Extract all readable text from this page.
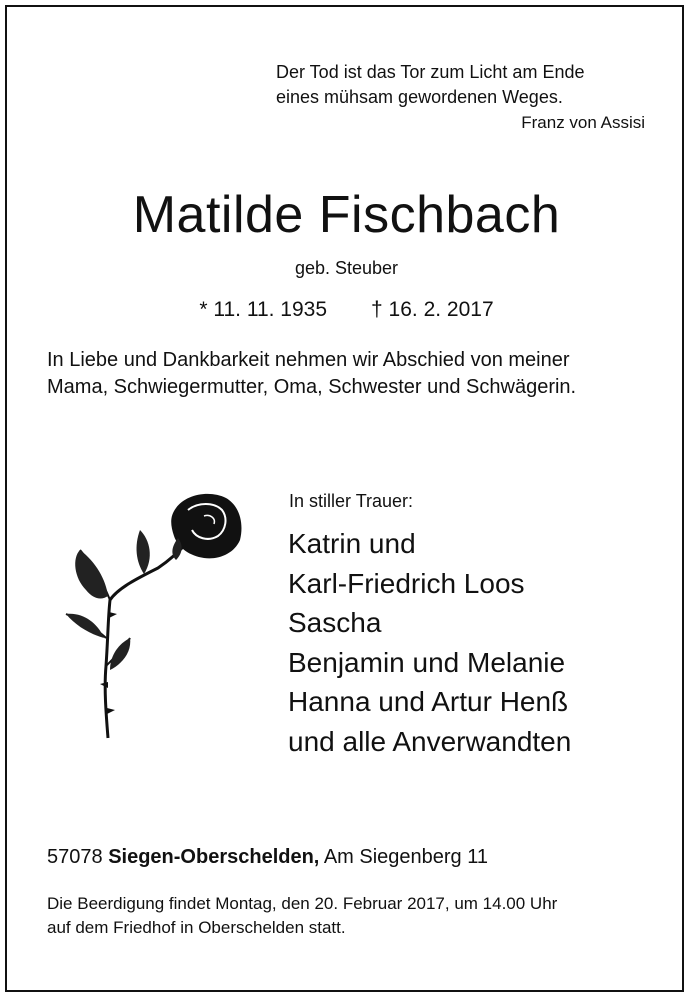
Der Tod ist das Tor zum Licht am Ende
eines mühsam gewordenen Weges.
Franz von Assisi
Matilde Fischbach
geb. Steuber
* 11. 11. 1935 † 16. 2. 2017
In Liebe und Dankbarkeit nehmen wir Abschied von meiner
Mama, Schwiegermutter, Oma, Schwester und Schwägerin.
In stiller Trauer:
Katrin und
Karl-Friedrich Loos
Sascha
Benjamin und Melanie
Hanna und Artur Henß
und alle Anverwandten
57078 Siegen-Oberschelden, Am Siegenberg 11
Die Beerdigung findet Montag, den 20. Februar 2017, um 14.00 Uhr
auf dem Friedhof in Oberschelden statt.
